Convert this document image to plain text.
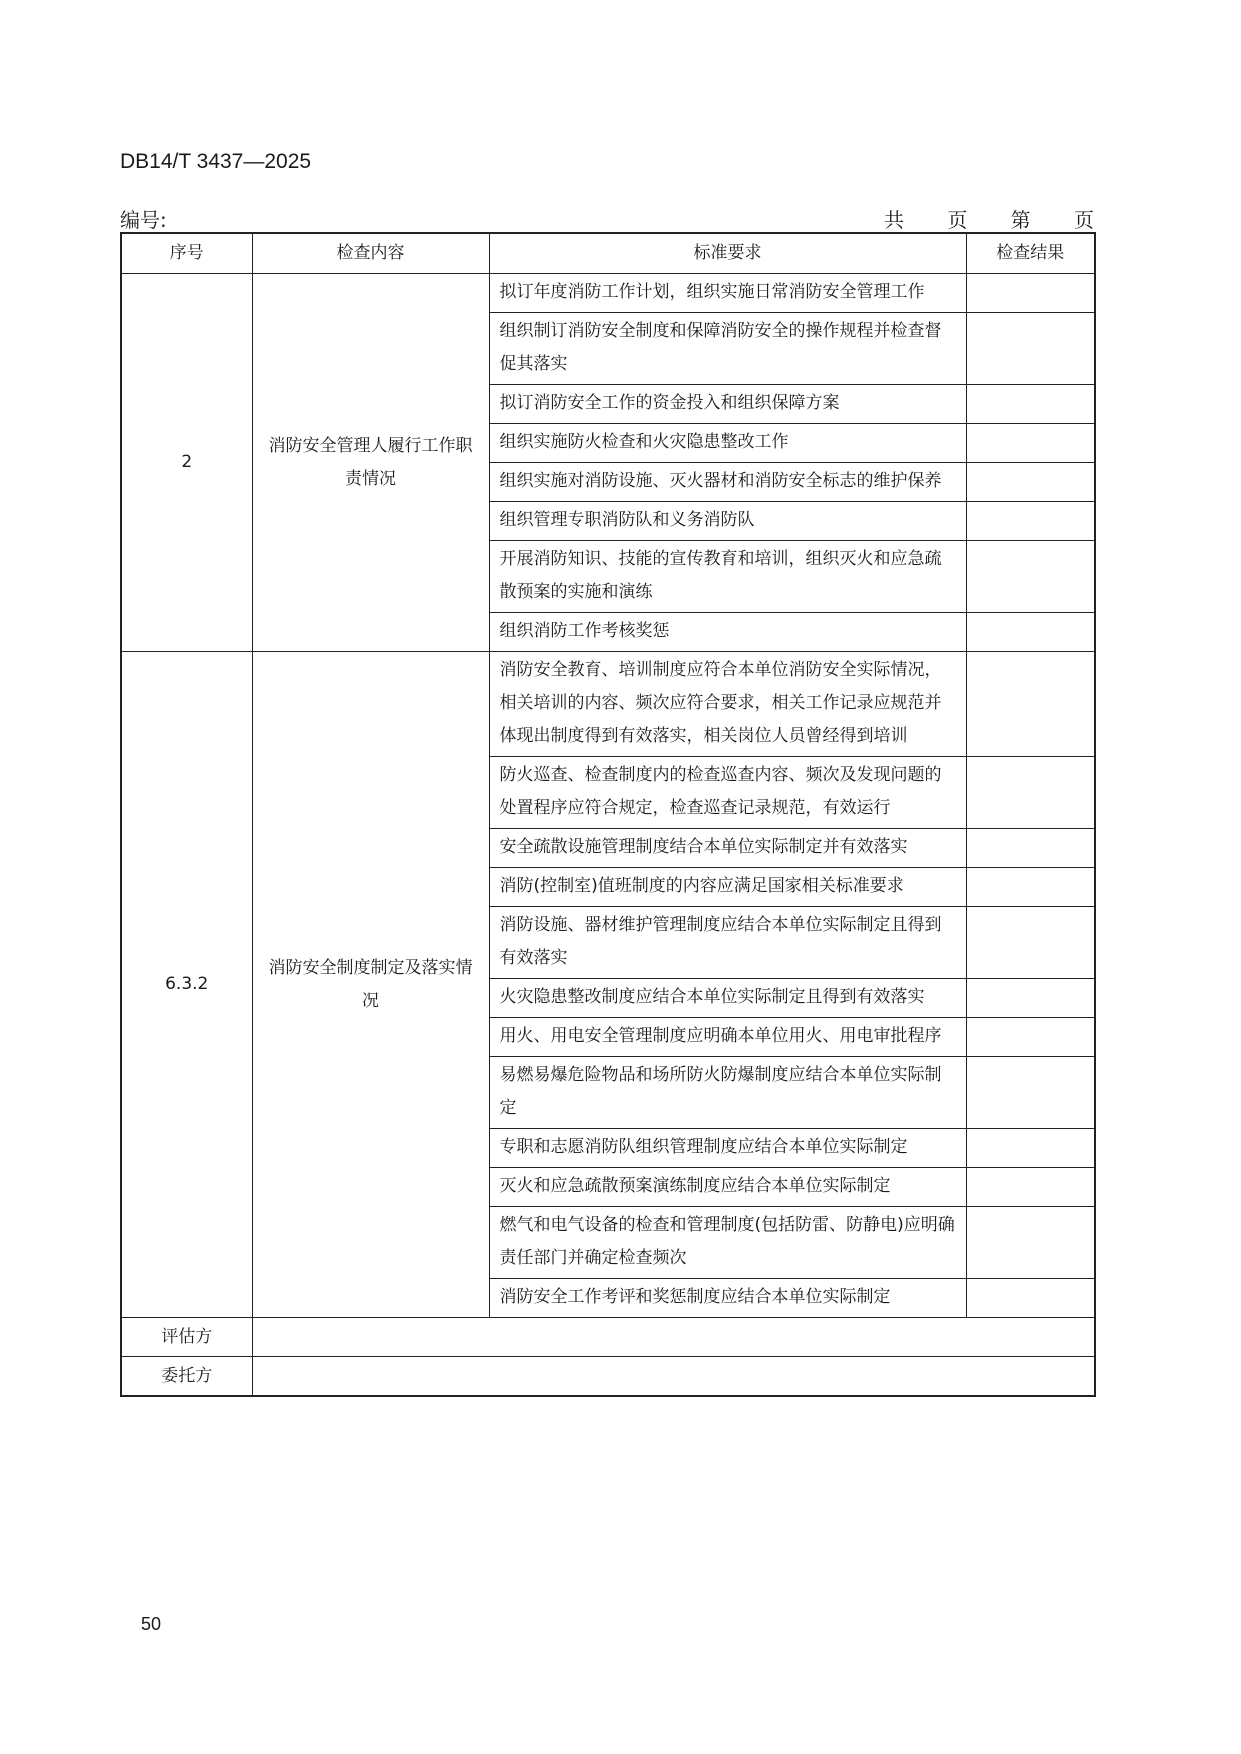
DB14/T 3437—2025
编号:	共 页 第 页
序号	检查内容	标准要求	检查结果
2	消防安全管理人履行工作职责情况	拟订年度消防工作计划，组织实施日常消防安全管理工作	
		组织制订消防安全制度和保障消防安全的操作规程并检查督促其落实	
		拟订消防安全工作的资金投入和组织保障方案	
		组织实施防火检查和火灾隐患整改工作	
		组织实施对消防设施、灭火器材和消防安全标志的维护保养	
		组织管理专职消防队和义务消防队	
		开展消防知识、技能的宣传教育和培训，组织灭火和应急疏散预案的实施和演练	
		组织消防工作考核奖惩	
6.3.2	消防安全制度制定及落实情况	消防安全教育、培训制度应符合本单位消防安全实际情况，相关培训的内容、频次应符合要求，相关工作记录应规范并体现出制度得到有效落实，相关岗位人员曾经得到培训	
		防火巡查、检查制度内的检查巡查内容、频次及发现问题的处置程序应符合规定，检查巡查记录规范，有效运行	
		安全疏散设施管理制度结合本单位实际制定并有效落实	
		消防(控制室)值班制度的内容应满足国家相关标准要求	
		消防设施、器材维护管理制度应结合本单位实际制定且得到有效落实	
		火灾隐患整改制度应结合本单位实际制定且得到有效落实	
		用火、用电安全管理制度应明确本单位用火、用电审批程序	
		易燃易爆危险物品和场所防火防爆制度应结合本单位实际制定	
		专职和志愿消防队组织管理制度应结合本单位实际制定	
		灭火和应急疏散预案演练制度应结合本单位实际制定	
		燃气和电气设备的检查和管理制度(包括防雷、防静电)应明确责任部门并确定检查频次	
		消防安全工作考评和奖惩制度应结合本单位实际制定	
评估方			
委托方			
50
